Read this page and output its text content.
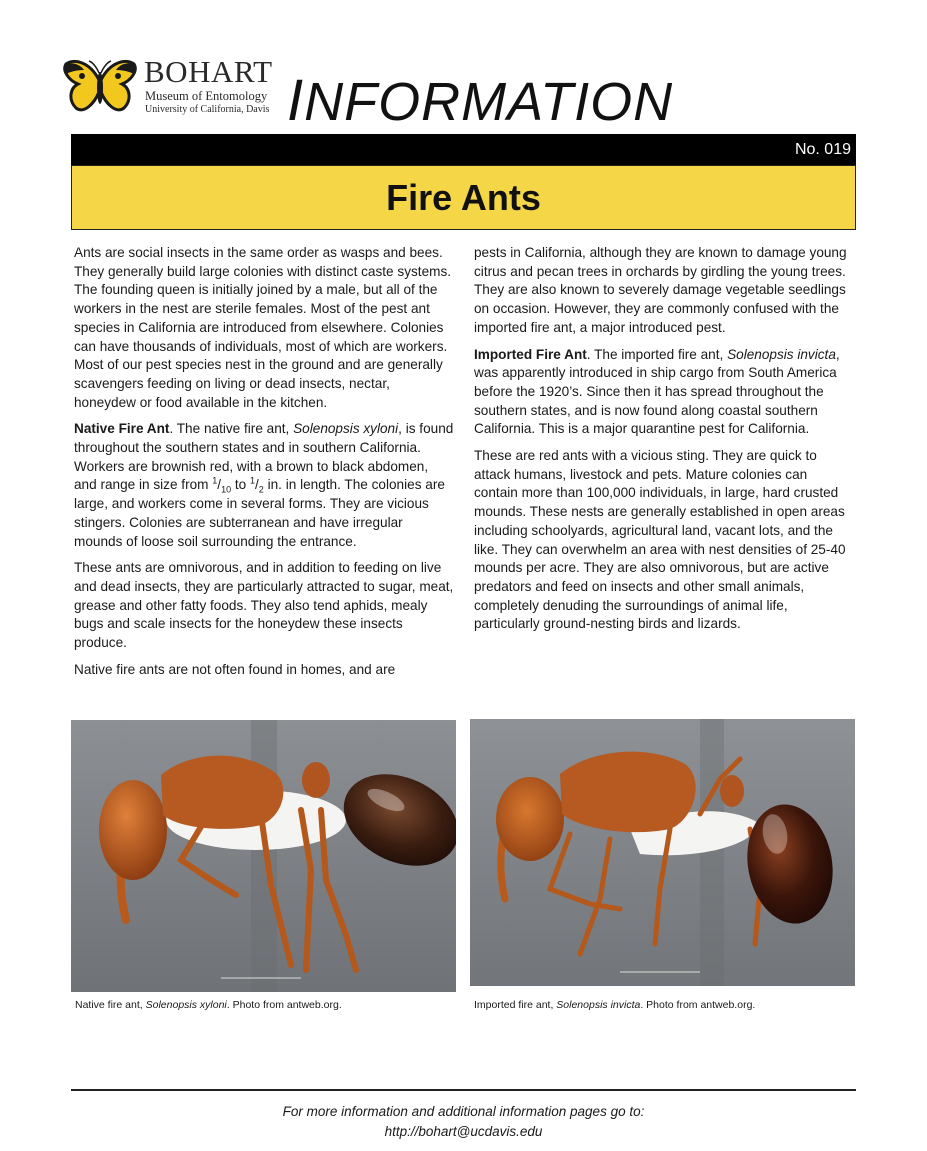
BOHART
Museum of Entomology
University of California, Davis INFORMATION
No. 019
Fire Ants

Ants are social insects in the same order as wasps and bees. They generally build large colonies with distinct caste systems. The founding queen is initially joined by a male, but all of the workers in the nest are sterile females. Most of the pest ant species in California are introduced from elsewhere. Colonies can have thousands of individuals, most of which are workers. Most of our pest species nest in the ground and are generally scavengers feeding on living or dead insects, nectar, honeydew or food available in the kitchen.

Native Fire Ant. The native fire ant, Solenopsis xyloni, is found throughout the southern states and in southern California. Workers are brownish red, with a brown to black abdomen, and range in size from $^1/_{10}$ to $^1/_2$ in. in length. The colonies are large, and workers come in several forms. They are vicious stingers. Colonies are subterranean and have irregular mounds of loose soil surrounding the entrance.

These ants are omnivorous, and in addition to feeding on live and dead insects, they are particularly attracted to sugar, meat, grease and other fatty foods. They also tend aphids, mealy bugs and scale insects for the honeydew these insects produce.

Native fire ants are not often found in homes, and are

pests in California, although they are known to damage young citrus and pecan trees in orchards by girdling the young trees. They are also known to severely damage vegetable seedlings on occasion. However, they are commonly confused with the imported fire ant, a major introduced pest.

Imported Fire Ant. The imported fire ant, Solenopsis invicta, was apparently introduced in ship cargo from South America before the 1920’s. Since then it has spread throughout the southern states, and is now found along coastal southern California. This is a major quarantine pest for California.

These are red ants with a vicious sting. They are quick to attack humans, livestock and pets. Mature colonies can contain more than 100,000 individuals, in large, hard crusted mounds. These nests are generally established in open areas including schoolyards, agricultural land, vacant lots, and the like. They can overwhelm an area with nest densities of 25-40 mounds per acre. They are also omnivorous, but are active predators and feed on insects and other small animals, completely denuding the surroundings of animal life, particularly ground-nesting birds and lizards.

Native fire ant, Solenopsis xyloni. Photo from antweb.org.	Imported fire ant, Solenopsis invicta. Photo from antweb.org.
For more information and additional information pages go to:
http://bohart@ucdavis.edu
